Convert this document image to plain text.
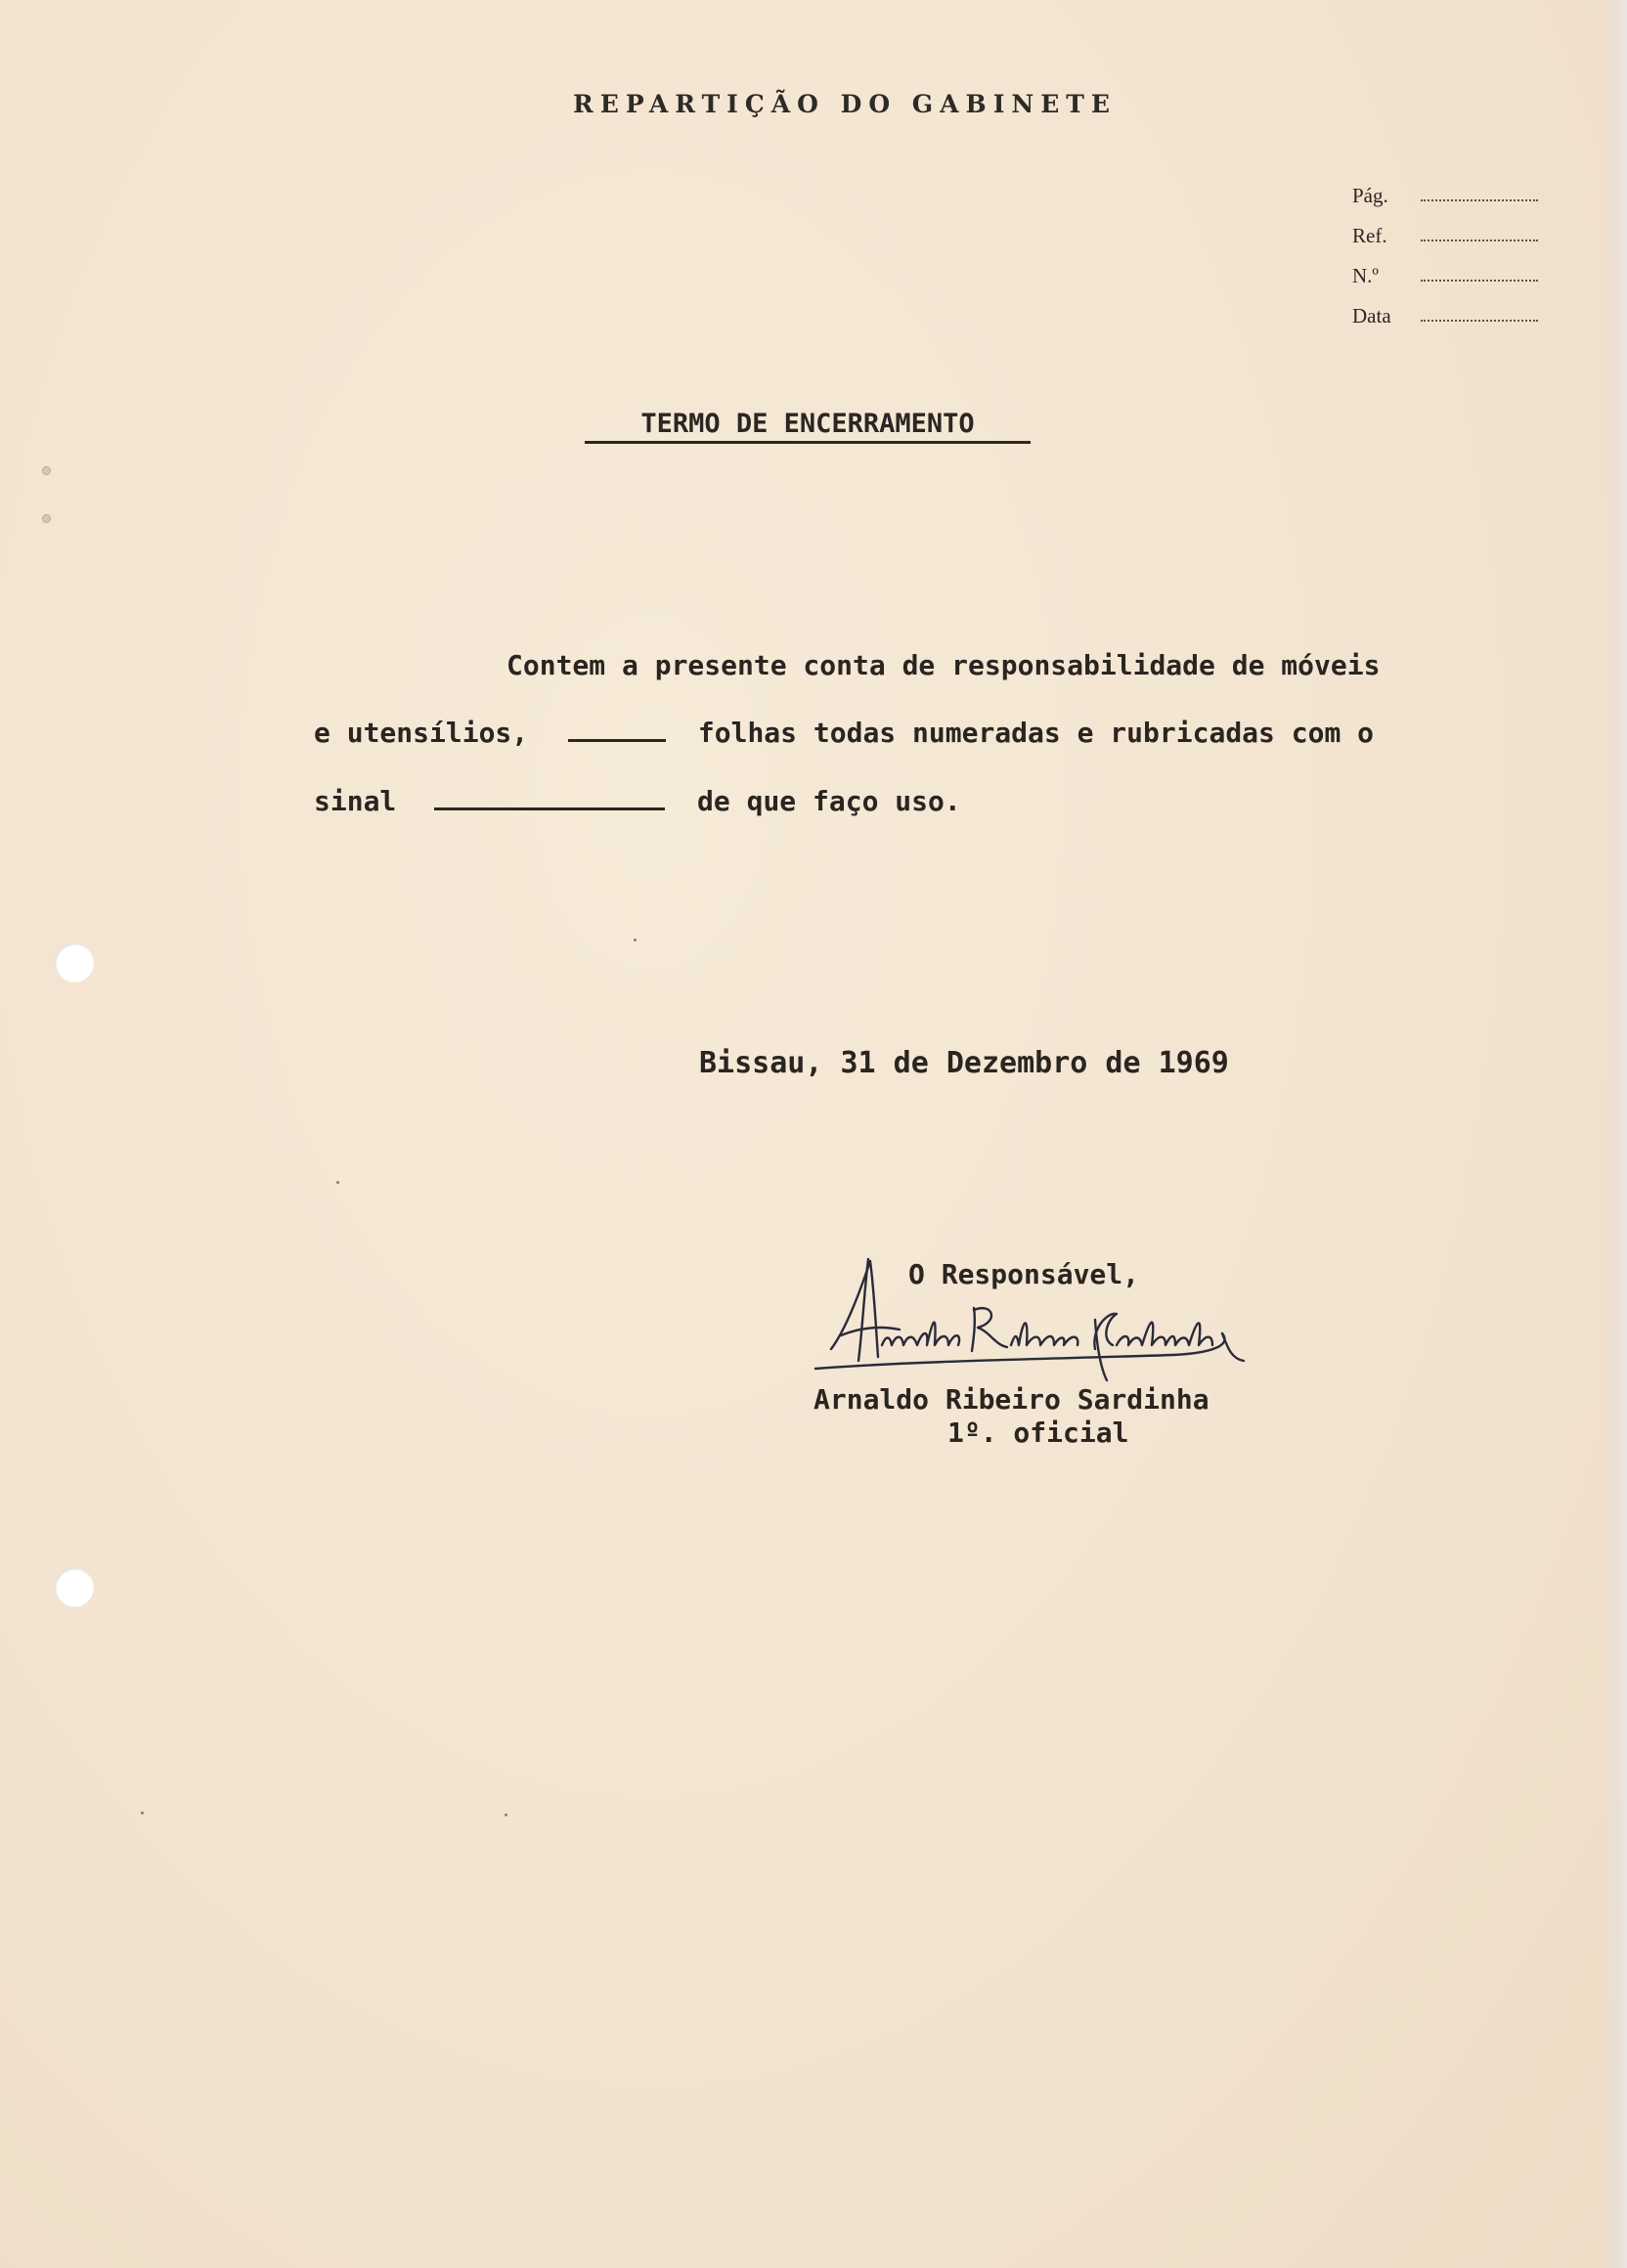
REPARTIÇÃO DO GABINETE
Pág.
Ref.
N.º
Data
TERMO DE ENCERRAMENTO
Contem a presente conta de responsabilidade de móveis
e utensílios,	folhas todas numeradas e rubricadas com o
sinal	de que faço uso.
Bissau, 31 de Dezembro de 1969
O Responsável,
Arnaldo Ribeiro Sardinha
1º. oficial
